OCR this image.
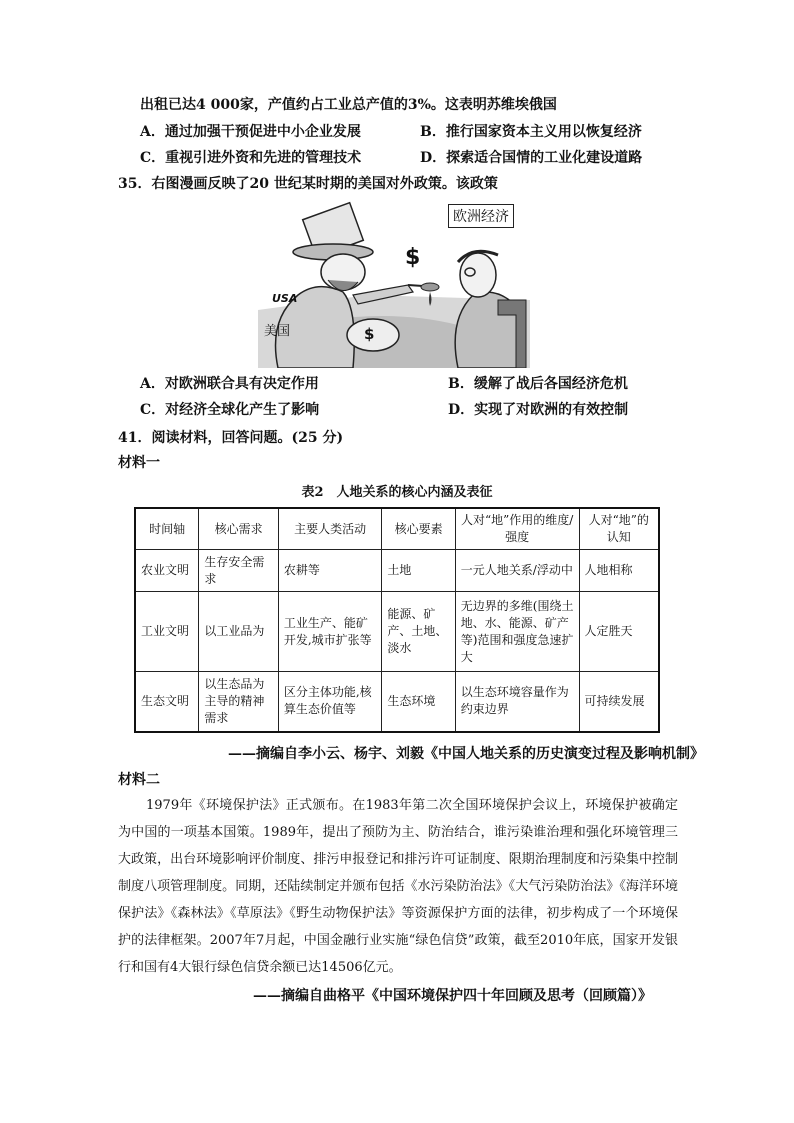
出租已达4 000家，产值约占工业总产值的3%。这表明苏维埃俄国
A．通过加强干预促进中小企业发展	B．推行国家资本主义用以恢复经济
C．重视引进外资和先进的管理技术	D．探索适合国情的工业化建设道路
35．右图漫画反映了20 世纪某时期的美国对外政策。该政策
欧洲经济
$
$
USA
美国
A．对欧洲联合具有决定作用	B．缓解了战后各国经济危机
C．对经济全球化产生了影响	D．实现了对欧洲的有效控制
41．阅读材料，回答问题。(25 分)
材料一
表2　人地关系的核心内涵及表征
时间轴	核心需求	主要人类活动	核心要素	人对“地”作用的维度/强度	人对“地”的认知
农业文明	生存安全需求	农耕等	土地	一元人地关系/浮动中	人地相称
工业文明	以工业品为	工业生产、能矿开发,城市扩张等	能源、矿产、土地、淡水	无边界的多维(围绕土地、水、能源、矿产等)范围和强度急速扩大	人定胜天
生态文明	以生态品为主导的精神需求	区分主体功能,核算生态价值等	生态环境	以生态环境容量作为约束边界	可持续发展
——摘编自李小云、杨宇、刘毅《中国人地关系的历史演变过程及影响机制》
材料二

1979年《环境保护法》正式颁布。在1983年第二次全国环境保护会议上，环境保护被确定为中国的一项基本国策。1989年，提出了预防为主、防治结合，谁污染谁治理和强化环境管理三大政策，出台环境影响评价制度、排污申报登记和排污许可证制度、限期治理制度和污染集中控制制度八项管理制度。同期，还陆续制定并颁布包括《水污染防治法》《大气污染防治法》《海洋环境保护法》《森林法》《草原法》《野生动物保护法》等资源保护方面的法律，初步构成了一个环境保护的法律框架。2007年7月起，中国金融行业实施“绿色信贷”政策，截至2010年底，国家开发银行和国有4大银行绿色信贷余额已达14506亿元。

——摘编自曲格平《中国环境保护四十年回顾及思考（回顾篇）》
